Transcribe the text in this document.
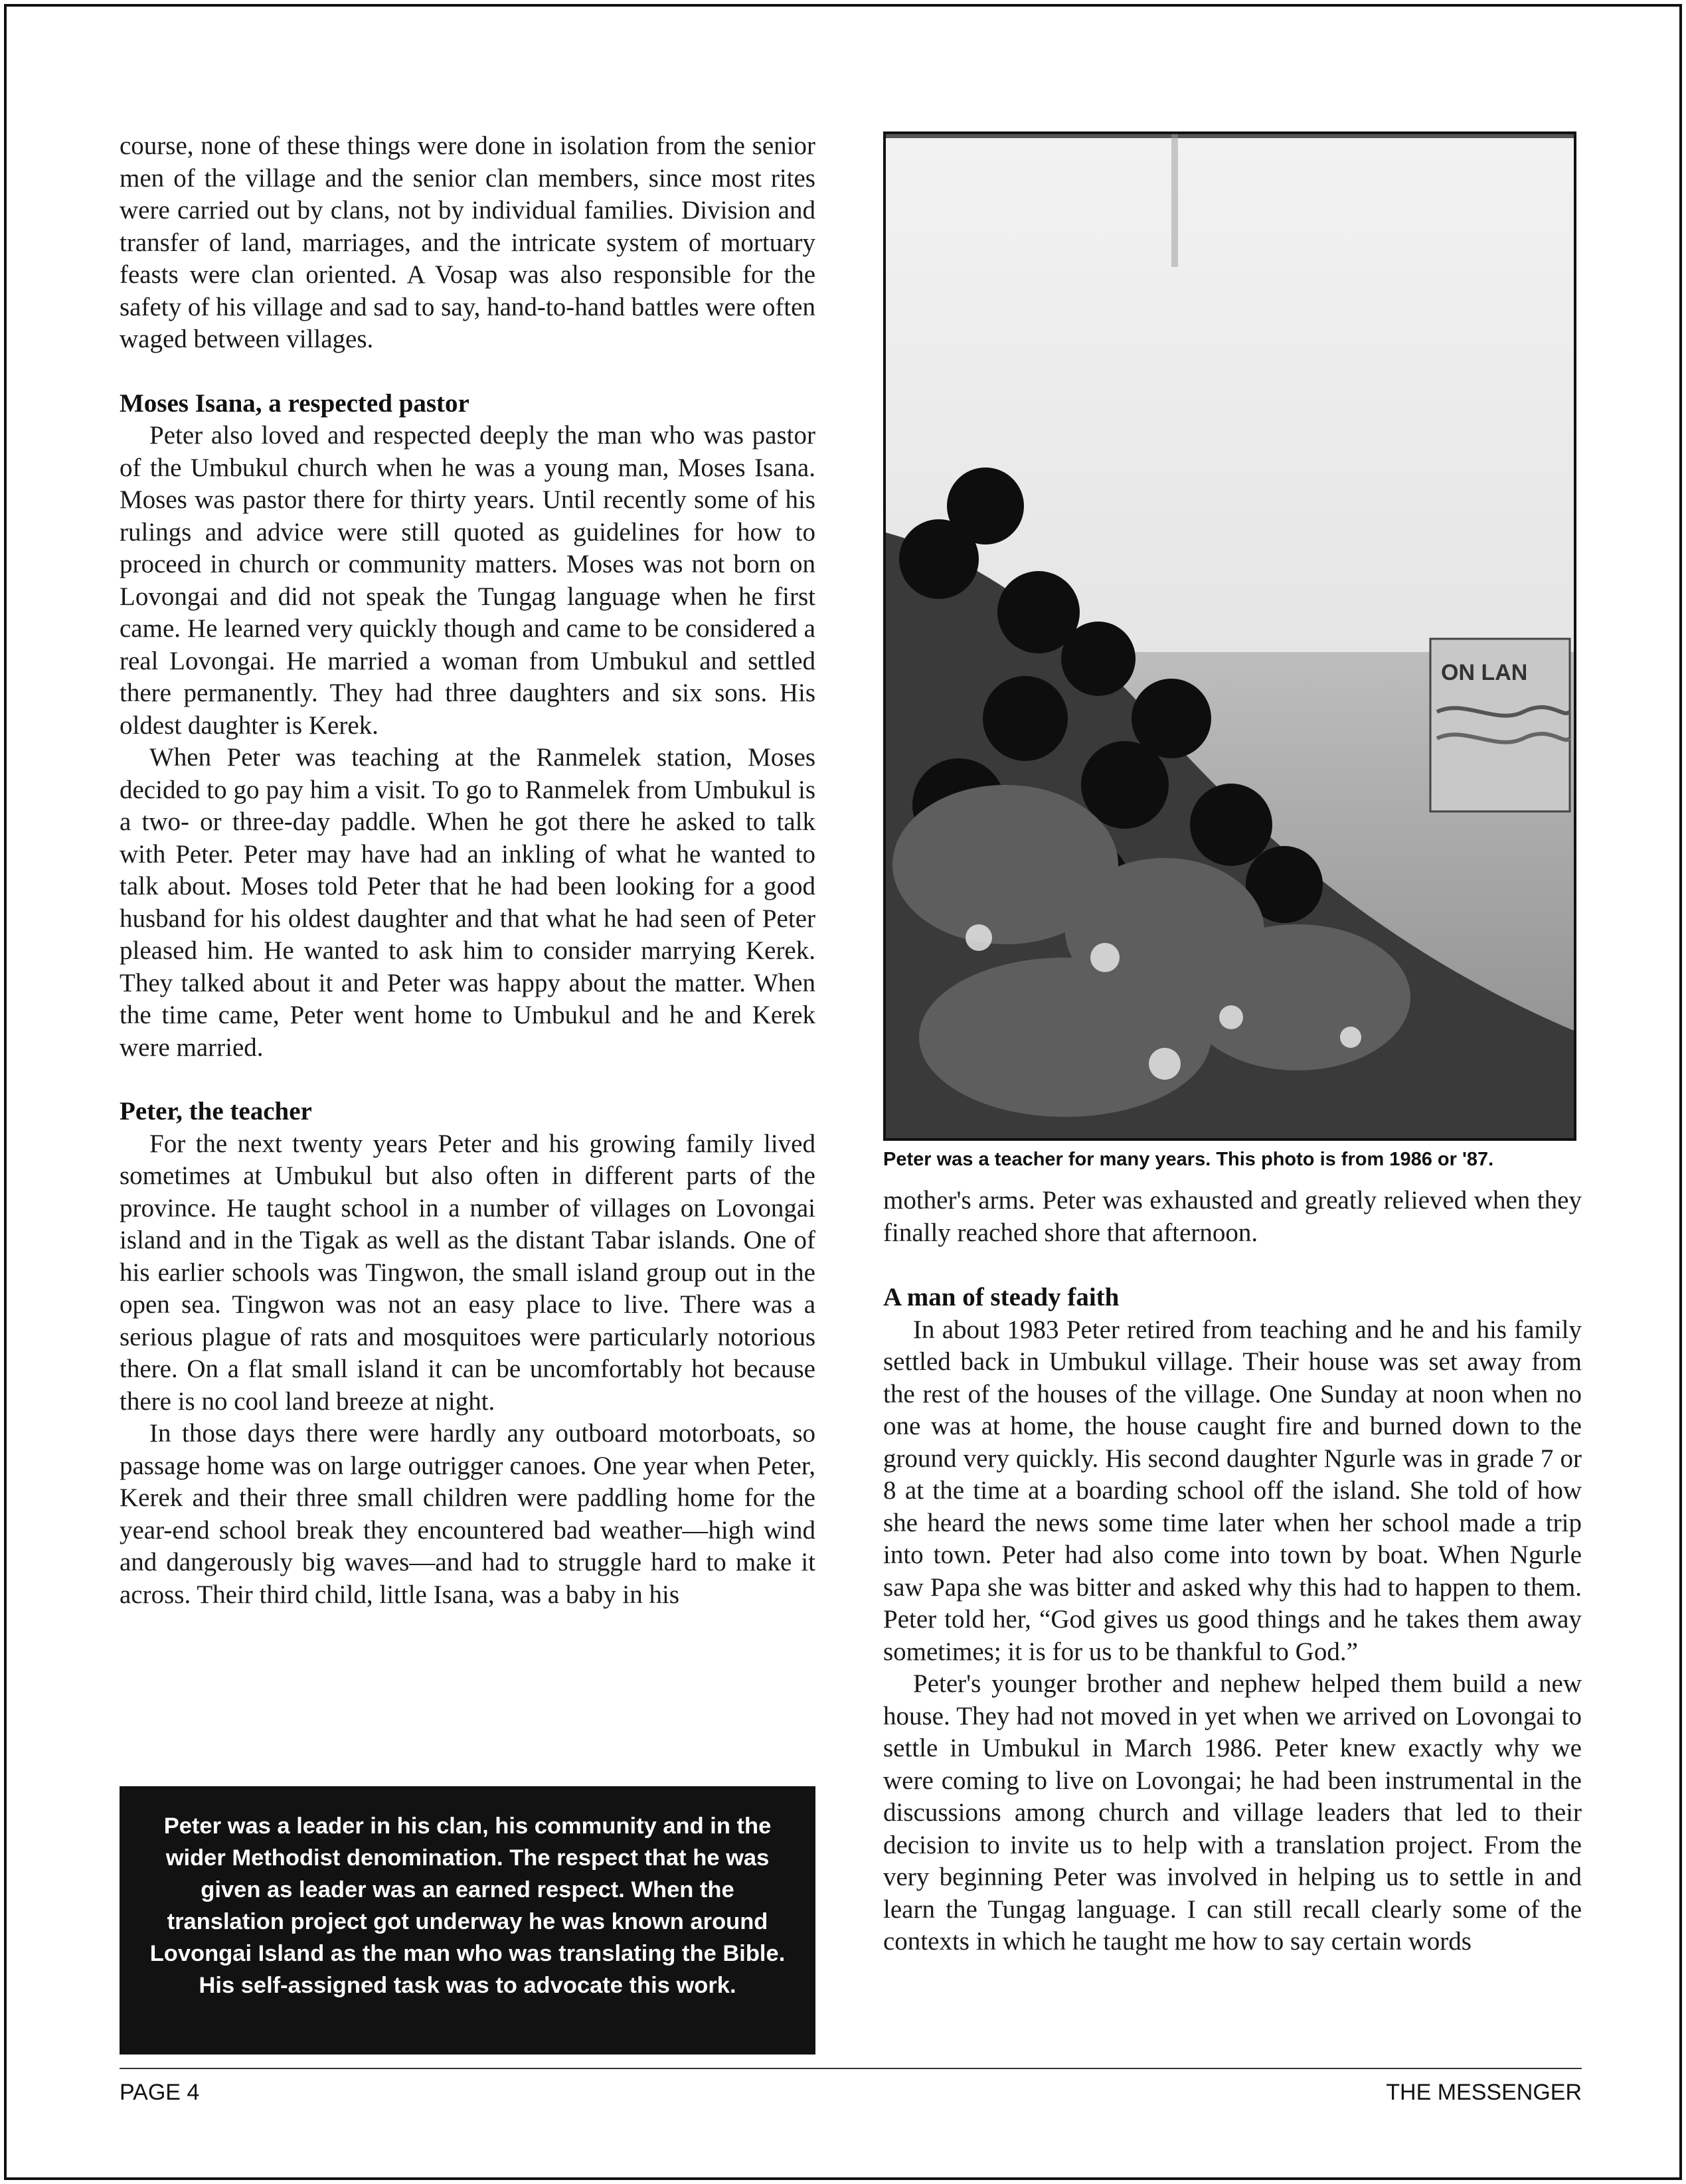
course, none of these things were done in isolation from the senior men of the village and the senior clan members, since most rites were carried out by clans, not by individual families. Division and transfer of land, marriages, and the intricate system of mortuary feasts were clan oriented. A Vosap was also responsible for the safety of his village and sad to say, hand-to-hand battles were often waged between villages.

Moses Isana, a respected pastor

Peter also loved and respected deeply the man who was pastor of the Umbukul church when he was a young man, Moses Isana. Moses was pastor there for thirty years. Until recently some of his rulings and advice were still quoted as guidelines for how to proceed in church or community matters. Moses was not born on Lovongai and did not speak the Tungag language when he first came. He learned very quickly though and came to be considered a real Lovongai. He married a woman from Umbukul and settled there permanently. They had three daughters and six sons. His oldest daughter is Kerek.

When Peter was teaching at the Ranmelek station, Moses decided to go pay him a visit. To go to Ranmelek from Umbukul is a two- or three-day paddle. When he got there he asked to talk with Peter. Peter may have had an inkling of what he wanted to talk about. Moses told Peter that he had been looking for a good husband for his oldest daughter and that what he had seen of Peter pleased him. He wanted to ask him to consider marrying Kerek. They talked about it and Peter was happy about the matter. When the time came, Peter went home to Umbukul and he and Kerek were married.

Peter, the teacher

For the next twenty years Peter and his growing family lived sometimes at Umbukul but also often in different parts of the province. He taught school in a number of villages on Lovongai island and in the Tigak as well as the distant Tabar islands. One of his earlier schools was Tingwon, the small island group out in the open sea. Tingwon was not an easy place to live. There was a serious plague of rats and mosquitoes were particularly notorious there. On a flat small island it can be uncomfortably hot because there is no cool land breeze at night.

In those days there were hardly any outboard motorboats, so passage home was on large outrigger canoes. One year when Peter, Kerek and their three small children were paddling home for the year-end school break they encountered bad weather—high wind and dangerously big waves—and had to struggle hard to make it across. Their third child, little Isana, was a baby in his

ON LAN
Peter was a teacher for many years. This photo is from 1986 or '87.

mother's arms. Peter was exhausted and greatly relieved when they finally reached shore that afternoon.

A man of steady faith

In about 1983 Peter retired from teaching and he and his family settled back in Umbukul village. Their house was set away from the rest of the houses of the village. One Sunday at noon when no one was at home, the house caught fire and burned down to the ground very quickly. His second daughter Ngurle was in grade 7 or 8 at the time at a boarding school off the island. She told of how she heard the news some time later when her school made a trip into town. Peter had also come into town by boat. When Ngurle saw Papa she was bitter and asked why this had to happen to them. Peter told her, “God gives us good things and he takes them away sometimes; it is for us to be thankful to God.”

Peter's younger brother and nephew helped them build a new house. They had not moved in yet when we arrived on Lovongai to settle in Umbukul in March 1986. Peter knew exactly why we were coming to live on Lovongai; he had been instrumental in the discussions among church and village leaders that led to their decision to invite us to help with a translation project. From the very beginning Peter was involved in helping us to settle in and learn the Tungag language. I can still recall clearly some of the contexts in which he taught me how to say certain words

Peter was a leader in his clan, his community and in the wider Methodist denomination. The respect that he was given as leader was an earned respect. When the translation project got underway he was known around Lovongai Island as the man who was translating the Bible. His self-assigned task was to advocate this work.
PAGE 4	THE MESSENGER
